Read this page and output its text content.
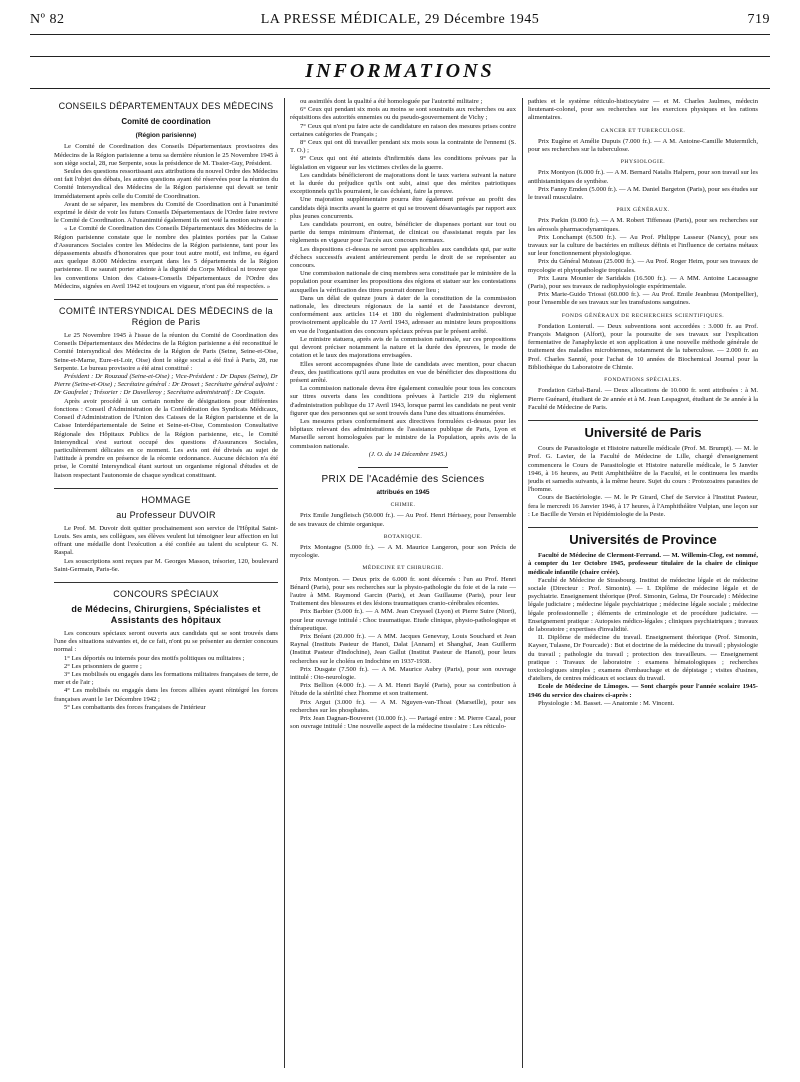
Nº 82	LA PRESSE MÉDICALE, 29 Décembre 1945	719
INFORMATIONS
CONSEILS DÉPARTEMENTAUX DES MÉDECINS
Comité de coordination
(Région parisienne)

Le Comité de Coordination des Conseils Départementaux provisoires des Médecins de la Région parisienne a tenu sa dernière réunion le 25 Novembre 1945 à son siège social, 28, rue Serpente, sous la présidence de M. Tissier-Guy, Président.

Seules des questions ressortissant aux attributions du nouvel Ordre des Médecins ont fait l'objet des débats, les autres questions ayant été réservées pour la réunion du Comité Intersyndical des Médecins de la Région parisienne qui devait se tenir immédiatement après celle du Comité de Coordination.

Avant de se séparer, les membres du Comité de Coordination ont à l'unanimité exprimé le désir de voir les futurs Conseils Départementaux de l'Ordre faire revivre le Comité de Coordination. A l'unanimité également ils ont voté la motion suivante :

« Le Comité de Coordination des Conseils Départementaux des Médecins de la Région parisienne constate que le nombre des plaintes portées par la Caisse d'Assurances Sociales contre les Médecins de la Région parisienne, tant pour les dépassements abusifs d'honoraires que pour tout autre motif, est infime, eu égard aux quelque 8.000 Médecins exerçant dans les 5 départements de la Région parisienne. Il ne saurait porter atteinte à la dignité du Corps Médical ni trouver que les conventions Union des Caisses-Conseils Départementaux de l'Ordre des Médecins, signées en Avril 1942 et toujours en vigueur, n'ont pas été respectées. »

COMITÉ INTERSYNDICAL DES MÉDECINS de la Région de Paris

Le 25 Novembre 1945 à l'issue de la réunion du Comité de Coordination des Conseils Départementaux des Médecins de la Région parisienne a été reconstitué le Comité Intersyndical des Médecins de la Région de Paris (Seine, Seine-et-Oise, Seine-et-Marne, Eure-et-Loir, Oise) dont le siège social a été fixé à Paris, 28, rue Serpente. Le bureau provisoire a été ainsi constitué :

Président : Dr Rouzaud (Seine-et-Oise) ; Vice-Président : Dr Dupas (Seine), Dr Pierre (Seine-et-Oise) ; Secrétaire général : Dr Drouet ; Secrétaire général adjoint : Dr Gaufrelet ; Trésorier : Dr Duvelleroy ; Secrétaire administratif : Dr Coquin.

Après avoir procédé à un certain nombre de désignations pour différentes fonctions : Conseil d'Administration de la Confédération des Syndicats Médicaux, Conseil d'Administration de l'Union des Caisses de la Région parisienne et de la Caisse Interdépartementale de Seine et Seine-et-Oise, Commission Consultative Régionale des Hôpitaux Publics de la Région parisienne, etc., le Comité Intersyndical s'est surtout occupé des questions d'Assurances Sociales, particulièrement délicates en ce moment. Les avis ont été divisés au sujet de l'attitude à prendre en présence de la récente ordonnance. Aucune décision n'a été prise, le Comité Intersyndical étant surtout un organisme régional d'études et de liaison respectant l'autonomie de chaque syndicat constituant.

HOMMAGE
au Professeur DUVOIR

Le Prof. M. Duvoir doit quitter prochainement son service de l'Hôpital Saint-Louis. Ses amis, ses collègues, ses élèves veulent lui témoigner leur affection en lui offrant une médaille dont l'exécution a été confiée au talent du sculpteur G. N. Raspal.

Les souscriptions sont reçues par M. Georges Masson, trésorier, 120, boulevard Saint-Germain, Paris-6e.

CONCOURS SPÉCIAUX
de Médecins, Chirurgiens, Spécialistes et Assistants des hôpitaux

Les concours spéciaux seront ouverts aux candidats qui se sont trouvés dans l'une des situations suivantes et, de ce fait, n'ont pu se présenter au dernier concours normal :

1° Les déportés ou internés pour des motifs politiques ou militaires ;

2° Les prisonniers de guerre ;

3° Les mobilisés ou engagés dans les formations militaires françaises de terre, de mer et de l'air ;

4° Les mobilisés ou engagés dans les forces alliées ayant réintégré les forces françaises avant le 1er Décembre 1942 ;

5° Les combattants des forces françaises de l'intérieur

ou assimilés dont la qualité a été homologuée par l'autorité militaire ;

6° Ceux qui pendant six mois au moins se sont soustraits aux recherches ou aux réquisitions des autorités ennemies ou du pseudo-gouvernement de Vichy ;

7° Ceux qui n'ont pu faire acte de candidature en raison des mesures prises contre certaines catégories de Français ;

8° Ceux qui ont dû travailler pendant six mois sous la contrainte de l'ennemi (S. T. O.) ;

9° Ceux qui ont été atteints d'infirmités dans les conditions prévues par la législation en vigueur sur les victimes civiles de la guerre.

Les candidats bénéficieront de majorations dont le taux variera suivant la nature et la durée du préjudice qu'ils ont subi, ainsi que des mérites patriotiques exceptionnels qu'ils pourraient, le cas échéant, faire la preuve.

Une majoration supplémentaire pourra être également prévue au profit des candidats déjà inscrits avant la guerre et qui se trouvent désavantagés par rapport aux plus jeunes concurrents.

Les candidats pourront, en outre, bénéficier de dispenses portant sur tout ou partie du temps minimum d'internat, de clinicat ou d'assistanat requis par les règlements en vigueur pour l'accès aux concours normaux.

Les dispositions ci-dessus ne seront pas applicables aux candidats qui, par suite d'échecs successifs avaient antérieurement perdu le droit de se représenter au concours.

Une commission nationale de cinq membres sera constituée par le ministère de la population pour examiner les propositions des régions et statuer sur les contestations auxquelles la vérification des titres pourrait donner lieu ;

Dans un délai de quinze jours à dater de la constitution de la commission nationale, les directeurs régionaux de la santé et de l'assistance devront, conformément aux articles 114 et 180 du règlement d'administration publique provisoirement applicable du 17 Avril 1943, adresser au ministre leurs propositions en vue de l'organisation des concours spéciaux prévus par le présent arrêté.

Le ministre statuera, après avis de la commission nationale, sur ces propositions qui devront préciser notamment la nature et la durée des épreuves, le mode de cotation et le taux des majorations envisagées.

Elles seront accompagnées d'une liste de candidats avec mention, pour chacun d'eux, des justifications qu'il aura produites en vue de bénéficier des dispositions du présent arrêté.

La commission nationale devra être également consultée pour tous les concours sur titres ouverts dans les conditions prévues à l'article 219 du règlement d'administration publique du 17 Avril 1943, lorsque parmi les candidats ne peut venir figurer que des personnes qui se sont trouvés dans l'une des situations énumérées.

Les mesures prises conformément aux directives formulées ci-dessus pour les hôpitaux relevant des administrations de l'assistance publique de Paris, Lyon et Marseille seront homologuées par le ministre de la Population, après avis de la commission nationale.

(J. O. du 14 Décembre 1945.)

PRIX DE l'Académie des Sciences
attribués en 1945
CHIMIE.

Prix Emile Jungfleisch (50.000 fr.). — Au Prof. Henri Hérissey, pour l'ensemble de ses travaux de chimie organique.

BOTANIQUE.

Prix Montagne (5.000 fr.). — A M. Maurice Langeron, pour son Précis de mycologie.

MÉDECINE ET CHIRURGIE.

Prix Montyon. — Deux prix de 6.000 fr. sont décernés : l'un au Prof. Henri Bénard (Paris), pour ses recherches sur la physio-pathologie du foie et de la rate — l'autre à MM. Raymond Garcin (Paris), et Jean Guillaume (Paris), pour leur Traitement des blessures et des lésions traumatiques cranio-cérébrales récentes.

Prix Barbier (5.000 fr.). — A MM. Jean Creyssel (Lyon) et Pierre Suire (Niort), pour leur ouvrage intitulé : Choc traumatique. Etude clinique, physio-pathologique et thérapeutique.

Prix Bréant (20.000 fr.). — A MM. Jacques Genevray, Louis Souchard et Jean Raynal (Instituts Pasteur de Hanoï, Dalat [Annam] et Shanghaï, Jean Guillerm (Institut Pasteur d'Indochine), Jean Gallut (Institut Pasteur de Hanoï), pour leurs recherches sur le choléra en Indochine en 1937-1938.

Prix Dusgate (7.500 fr.). — A M. Maurice Aubry (Paris), pour son ouvrage intitulé : Oto-neurologie.

Prix Bellion (4.000 fr.). — A M. Henri Baylé (Paris), pour sa contribution à l'étude de la stérilité chez l'homme et son traitement.

Prix Argut (3.000 fr.). — A M. Nguyen-van-Thoai (Marseille), pour ses recherches sur les phosphates.

Prix Jean Dagnan-Bouveret (10.000 fr.). — Partagé entre : M. Pierre Cazal, pour son ouvrage intitulé : Une nouvelle aspect de la médecine tissulaire : Les réticulo-

pathies et le système réticulo-histiocytaire — et M. Charles Jaulmes, médecin lieutenant-colonel, pour ses recherches sur les exercices physiques et les rations alimentaires.

CANCER ET TUBERCULOSE.

Prix Eugène et Amélie Dupuis (7.000 fr.). — A M. Antoine-Camille Mutermilch, pour ses recherches sur la tuberculose.

PHYSIOLOGIE.

Prix Montyon (6.000 fr.). — A M. Bernard Natalis Halpern, pour son travail sur les antihistaminiques de synthèse.

Prix Fanny Emden (5.000 fr.). — A M. Daniel Bargeton (Paris), pour ses études sur le travail musculaire.

PRIX GÉNÉRAUX.

Prix Parkin (9.000 fr.). — A M. Robert Tiffeneau (Paris), pour ses recherches sur les aérosols pharmacodynamiques.

Prix Lonchampt (6.500 fr.). — Au Prof. Philippe Lasseur (Nancy), pour ses travaux sur la culture de bactéries en milieux définis et l'influence de certains métaux sur leur fonctionnement physiologique.

Prix du Général Muteau (25.000 fr.). — Au Prof. Roger Heim, pour ses travaux de mycologie et phytopathologie tropicales.

Prix Laura Mounier de Saridakis (16.500 fr.). — A MM. Antoine Lacassagne (Paris), pour ses travaux de radiophysiologie expérimentale.

Prix Marie-Guido Triossi (60.000 fr.). — Au Prof. Emile Jeanbrau (Montpellier), pour l'ensemble de ses travaux sur les transfusions sanguines.

FONDS GÉNÉRAUX DE RECHERCHES SCIENTIFIQUES.

Fondation Lonteruil. — Deux subventions sont accordées : 3.000 fr. au Prof. François Maignon (Alfort), pour la poursuite de ses travaux sur l'explication fermentative de l'anaphylaxie et son application à une nouvelle méthode générale de traitement des maladies microbiennes, notamment de la tuberculose. — 2.000 fr. au Prof. Charles Sannié, pour l'achat de 10 années de Biochemical Journal pour la Bibliothèque du Laboratoire de Chimie.

FONDATIONS SPÉCIALES.

Fondation Girbal-Baral. — Deux allocations de 10.000 fr. sont attribuées : à M. Pierre Guénard, étudiant de 2e année et à M. Jean Lespagnot, étudiant de 3e année à la Faculté de Médecine de Paris.

Université de Paris

Cours de Parasitologie et Histoire naturelle médicale (Prof. M. Brumpt). — M. le Prof. G. Lavier, de la Faculté de Médecine de Lille, chargé d'enseignement commencera le Cours de Parasitologie et Histoire naturelle médicale, le 5 Janvier 1946, à 16 heures, au Petit Amphithéâtre de la Faculté, et le continuera les mardis jeudis et samedis suivants, à la même heure. Sujet du cours : Protozoaires parasites de l'homme.

Cours de Bactériologie. — M. le Pr Girard, Chef de Service à l'Institut Pasteur, fera le mercredi 16 Janvier 1946, à 17 heures, à l'Amphithéâtre Vulpian, une leçon sur : Le Bacille de Yersin et l'épidémiologie de la Peste.

Universités de Province

Faculté de Médecine de Clermont-Ferrand. — M. Willemin-Clog, est nommé, à compter du 1er Octobre 1945, professeur titulaire de la chaire de clinique médicale infantile (chaire créée).

Faculté de Médecine de Strasbourg. Institut de médecine légale et de médecine sociale (Directeur : Prof. Simonin). — I. Diplôme de médecine légale et de psychiatrie. Enseignement théorique (Prof. Simonin, Gelma, Dr Fourcade) : Médecine légale judiciaire ; médecine légale psychiatrique ; médecine légale sociale ; médecine légale professionnelle ; éléments de criminologie et de procédure judiciaire. — Enseignement pratique : Autopsies médico-légales ; cliniques psychiatriques ; travaux de laboratoire ; expertises d'invalidité.

II. Diplôme de médecine du travail. Enseignement théorique (Prof. Simonin, Kayser, Tulasne, Dr Fourcade) : But et doctrine de la médecine du travail ; physiologie du travail ; pathologie du travail ; protection des travailleurs. — Enseignement pratique : Travaux de laboratoire : examens hématologiques ; recherches toxicologiques simples ; examens d'embauchage et de dépistage ; visites d'usines, d'ateliers, de centres médicaux et sociaux du travail.

Ecole de Médecine de Limoges. — Sont chargés pour l'année scolaire 1945-1946 du service des chaires ci-après :

Physiologie : M. Basset. — Anatomie : M. Vincent.
